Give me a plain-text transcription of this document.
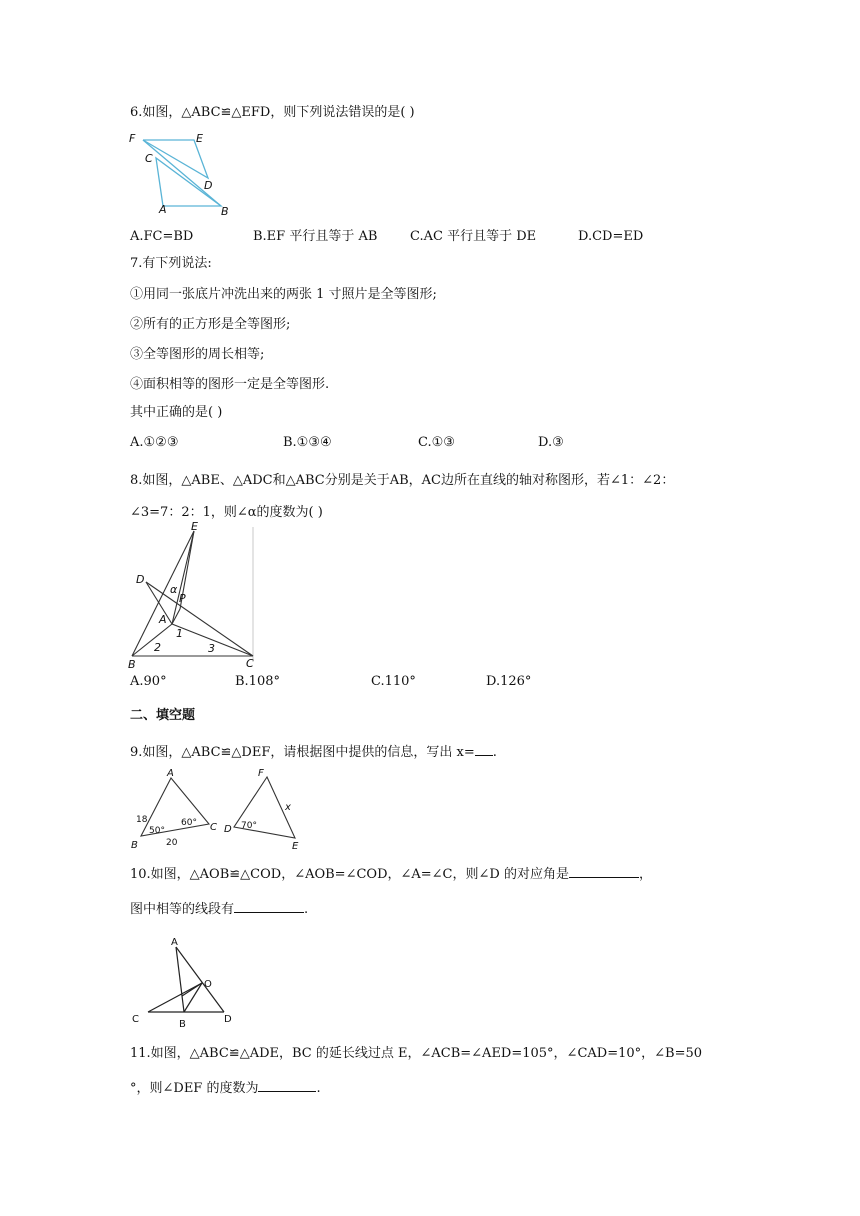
6.如图，△ABC≌△EFD，则下列说法错误的是( )
F	E
C
D
A	B
A.FC=BD	B.EF 平行且等于 AB	C.AC 平行且等于 DE	D.CD=ED
7.有下列说法:
①用同一张底片冲洗出来的两张 1 寸照片是全等图形;
②所有的正方形是全等图形;
③全等图形的周长相等;
④面积相等的图形一定是全等图形.
其中正确的是( )
A.①②③	B.①③④	C.①③	D.③
8.如图，△ABE、△ADC和△ABC分别是关于AB，AC边所在直线的轴对称图形，若∠1：∠2：
∠3=7：2：1，则∠α的度数为( )
E
D
α
P
A
1
B
2	3
C
A.90°	B.108°	C.110°	D.126°
二、填空题
9.如图，△ABC≌△DEF，请根据图中提供的信息，写出 x= .
A
B
C
F
D
E
x
18
20
50°
60°	70°
10.如图，△AOB≌△COD，∠AOB=∠COD，∠A=∠C，则∠D 的对应角是	，
图中相等的线段有	.
A
O
C	B	D
11.如图，△ABC≌△ADE，BC 的延长线过点 E，∠ACB=∠AED=105°，∠CAD=10°，∠B=50
°，则∠DEF 的度数为	.
